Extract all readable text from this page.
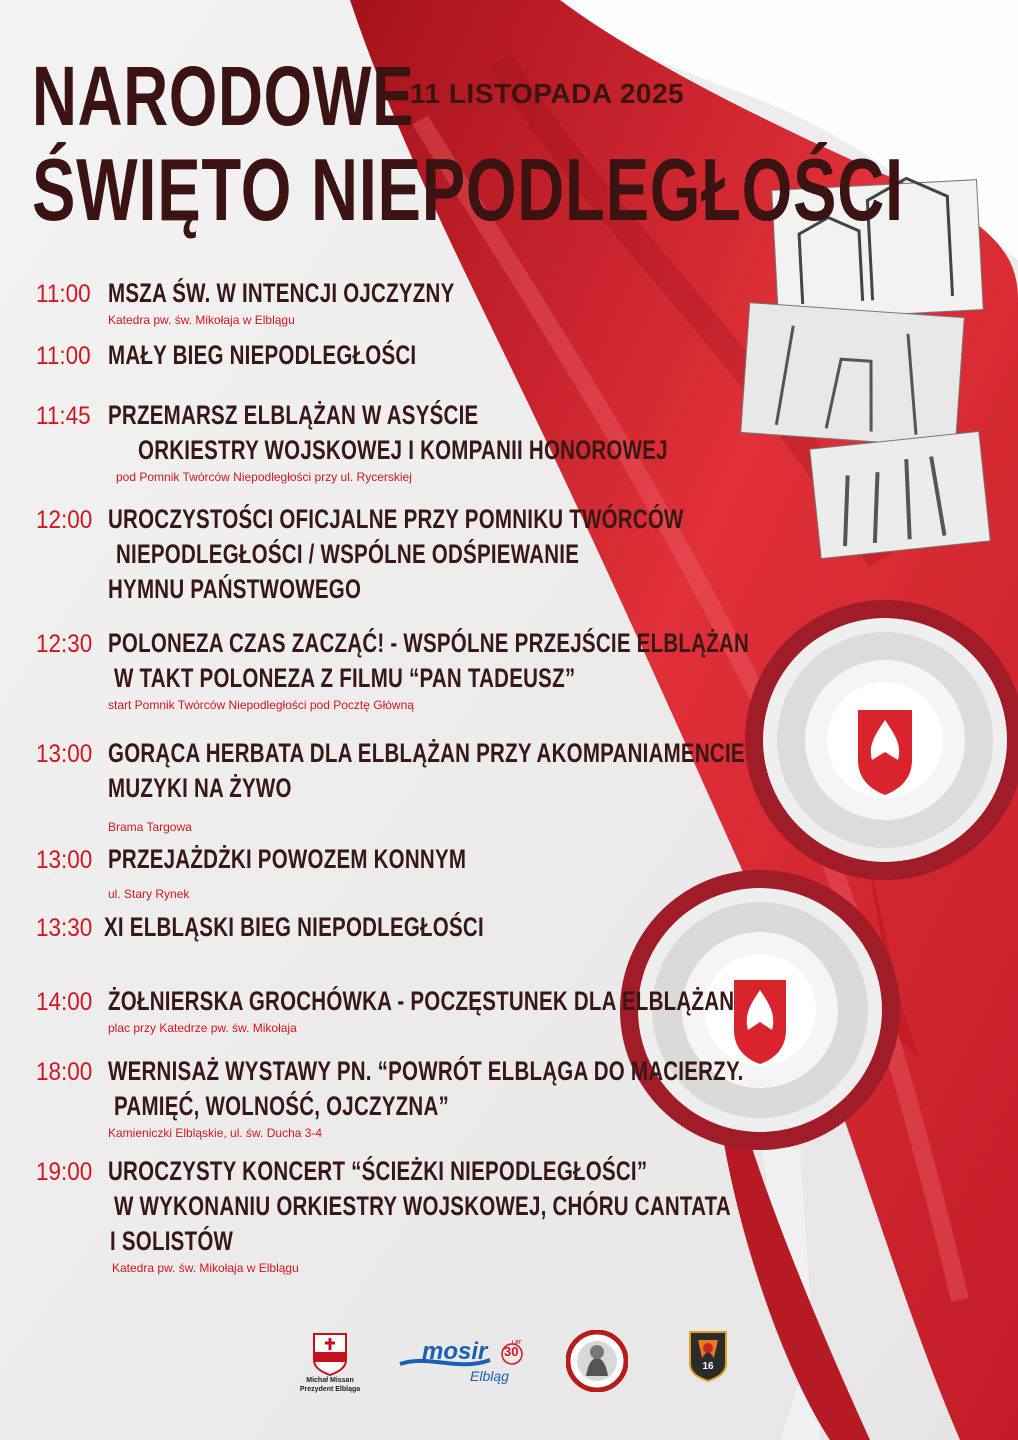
NARODOWE
11 LISTOPADA 2025
ŚWIĘTO NIEPODLEGŁOŚCI
11:00 MSZA ŚW. W INTENCJI OJCZYZNY
Katedra pw. św. Mikołaja w Elblągu
11:00 MAŁY BIEG NIEPODLEGŁOŚCI
11:45 PRZEMARSZ ELBLĄŻAN W ASYŚCIE
ORKIESTRY WOJSKOWEJ I KOMPANII HONOROWEJ
pod Pomnik Twórców Niepodległości przy ul. Rycerskiej
12:00 UROCZYSTOŚCI OFICJALNE PRZY POMNIKU TWÓRCÓW
NIEPODLEGŁOŚCI / WSPÓLNE ODŚPIEWANIE
HYMNU PAŃSTWOWEGO
12:30 POLONEZA CZAS ZACZĄĆ! - WSPÓLNE PRZEJŚCIE ELBLĄŻAN
W TAKT POLONEZA Z FILMU “PAN TADEUSZ”
start Pomnik Twórców Niepodległości pod Pocztę Główną
13:00 GORĄCA HERBATA DLA ELBLĄŻAN PRZY AKOMPANIAMENCIE
MUZYKI NA ŻYWO
Brama Targowa
13:00 PRZEJAŻDŻKI POWOZEM KONNYM
ul. Stary Rynek
13:30 XI ELBLĄSKI BIEG NIEPODLEGŁOŚCI
14:00 ŻOŁNIERSKA GROCHÓWKA - POCZĘSTUNEK DLA ELBLĄŻAN
plac przy Katedrze pw. św. Mikołaja
18:00 WERNISAŻ WYSTAWY PN. “POWRÓT ELBLĄGA DO MACIERZY.
PAMIĘĆ, WOLNOŚĆ, OJCZYZNA”
Kamieniczki Elbląskie, ul. św. Ducha 3-4
19:00 UROCZYSTY KONCERT “ŚCIEŻKI NIEPODLEGŁOŚCI”
W WYKONANIU ORKIESTRY WOJSKOWEJ, CHÓRU CANTATA
I SOLISTÓW
Katedra pw. św. Mikołaja w Elblągu
Michał Missan
Prezydent Elbląga
mosir 30
LAT
Elbląg
16
